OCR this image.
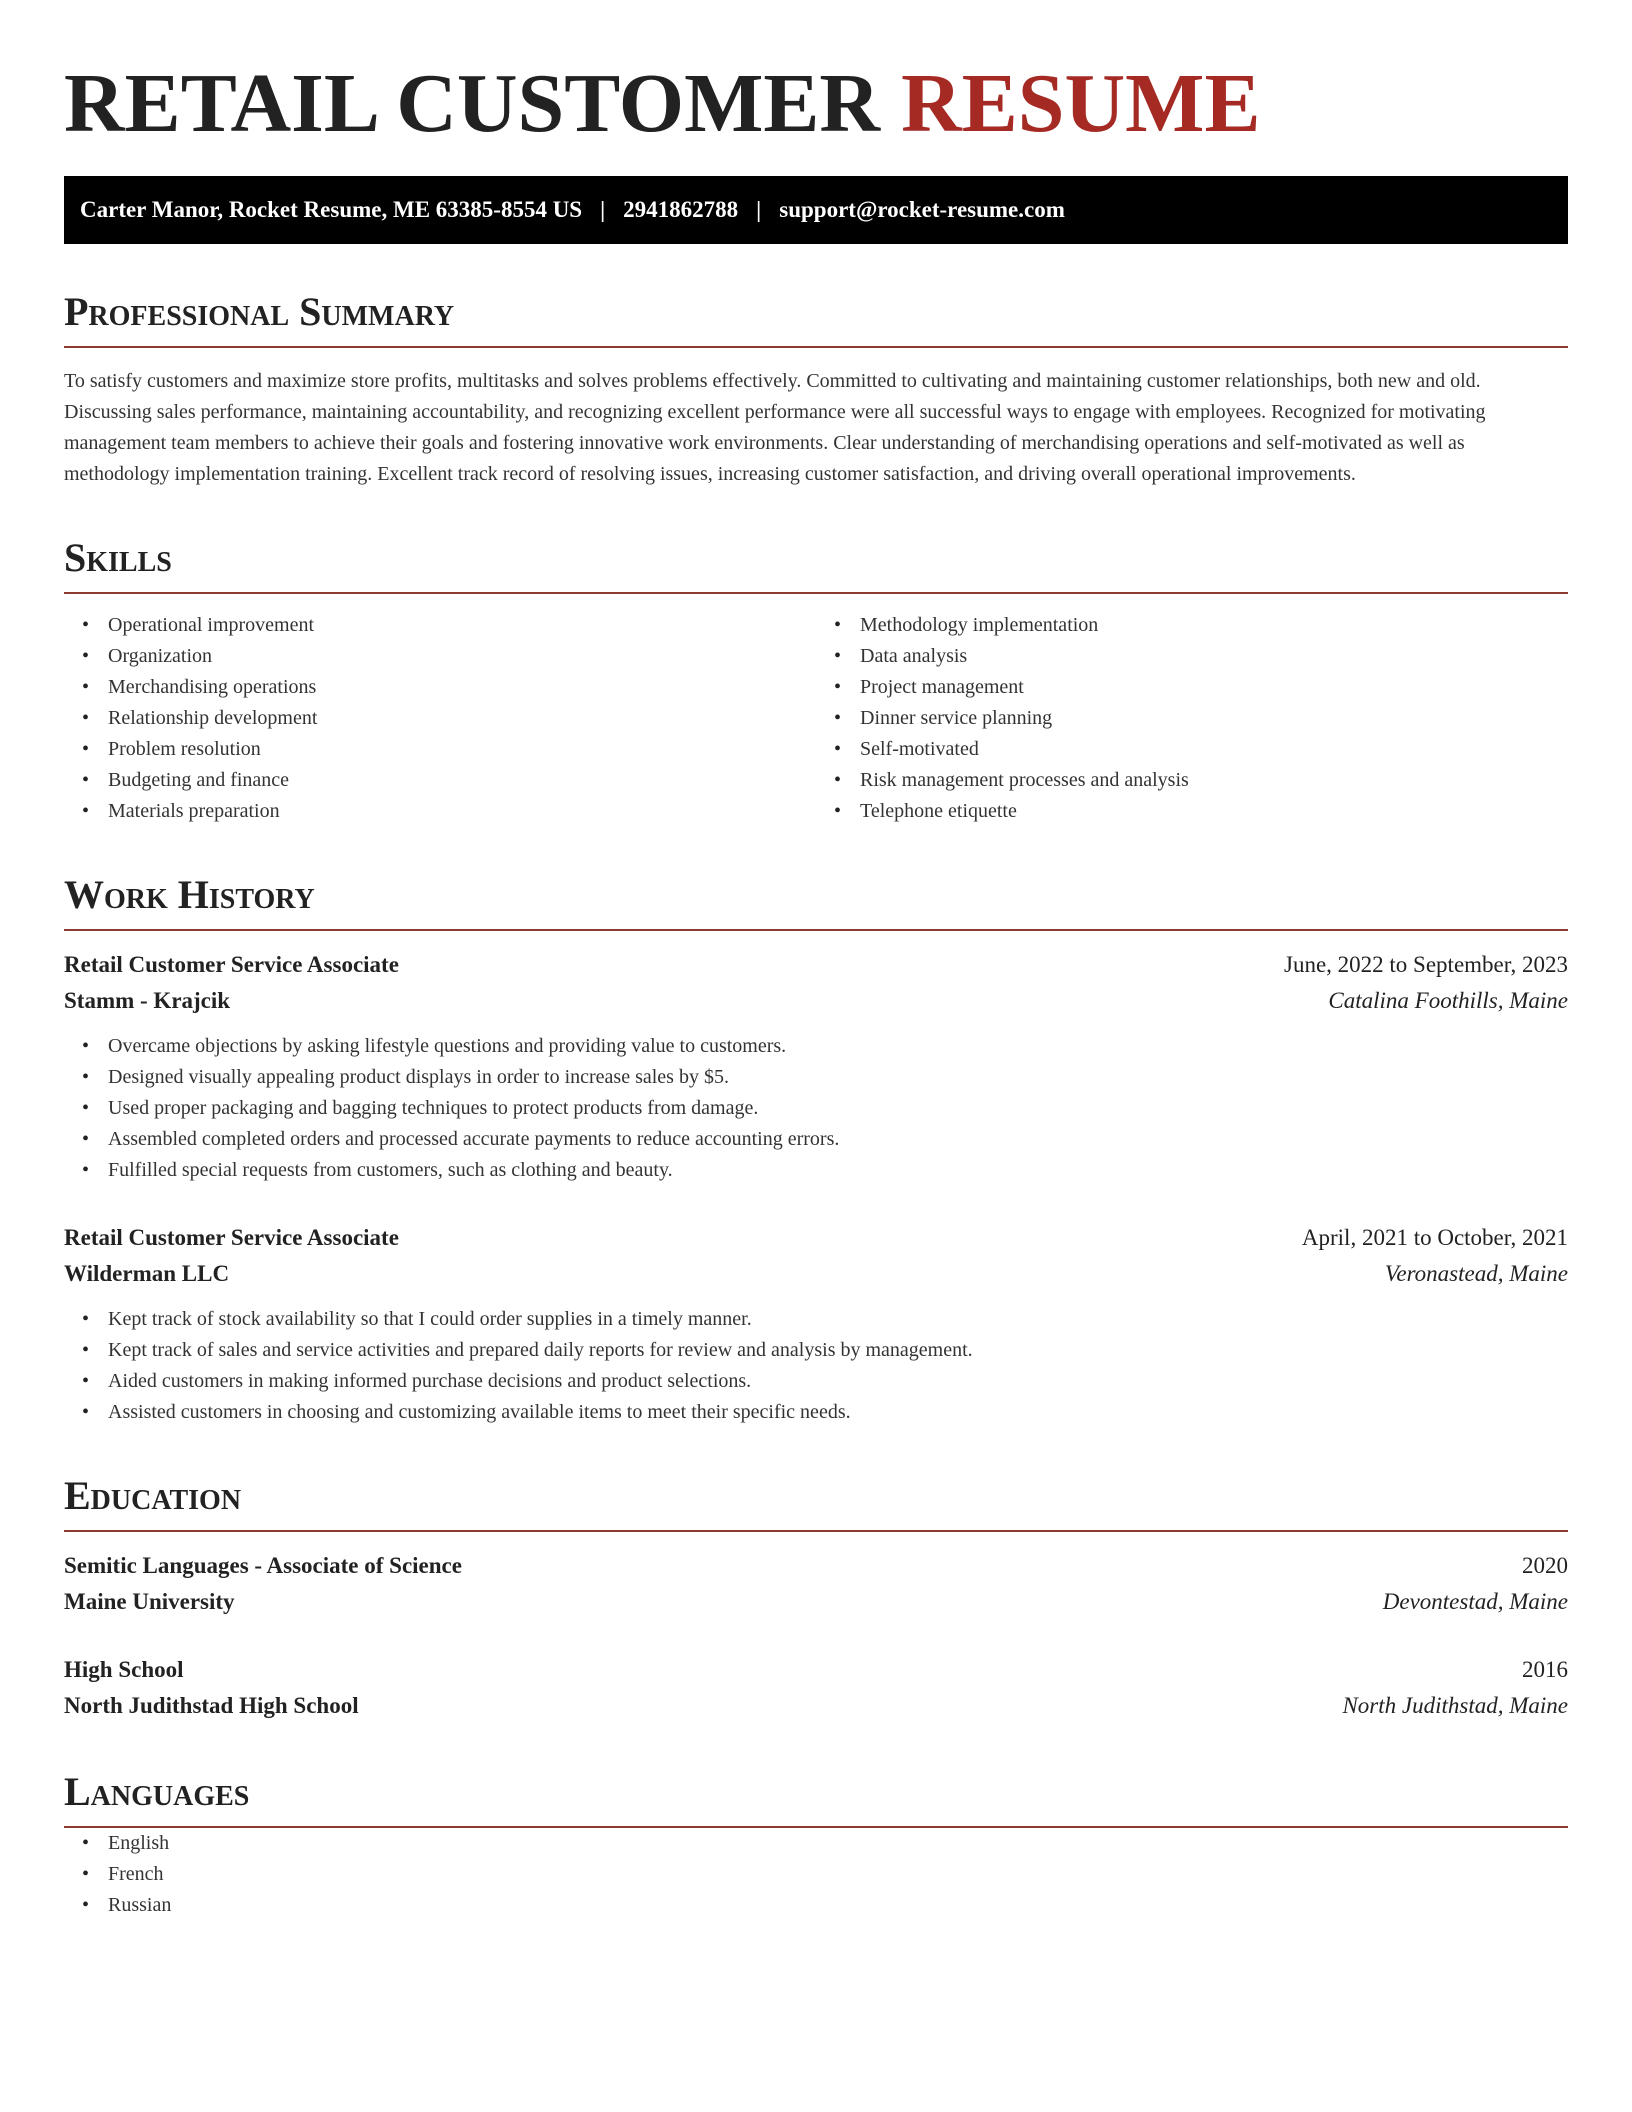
RETAIL CUSTOMER RESUME
Carter Manor, Rocket Resume, ME 63385-8554 US | 2941862788 | support@rocket-resume.com
Professional Summary

To satisfy customers and maximize store profits, multitasks and solves problems effectively. Committed to cultivating and maintaining customer relationships, both new and old. Discussing sales performance, maintaining accountability, and recognizing excellent performance were all successful ways to engage with employees. Recognized for motivating management team members to achieve their goals and fostering innovative work environments. Clear understanding of merchandising operations and self-motivated as well as methodology implementation training. Excellent track record of resolving issues, increasing customer satisfaction, and driving overall operational improvements.

Skills
• Operational improvement
• Organization
• Merchandising operations
• Relationship development
• Problem resolution
• Budgeting and finance
• Materials preparation
• Methodology implementation
• Data analysis
• Project management
• Dinner service planning
• Self-motivated
• Risk management processes and analysis
• Telephone etiquette
Work History
Retail Customer Service Associate	June, 2022 to September, 2023
Stamm - Krajcik	Catalina Foothills, Maine
• Overcame objections by asking lifestyle questions and providing value to customers.
• Designed visually appealing product displays in order to increase sales by $5.
• Used proper packaging and bagging techniques to protect products from damage.
• Assembled completed orders and processed accurate payments to reduce accounting errors.
• Fulfilled special requests from customers, such as clothing and beauty.
Retail Customer Service Associate	April, 2021 to October, 2021
Wilderman LLC	Veronastead, Maine
• Kept track of stock availability so that I could order supplies in a timely manner.
• Kept track of sales and service activities and prepared daily reports for review and analysis by management.
• Aided customers in making informed purchase decisions and product selections.
• Assisted customers in choosing and customizing available items to meet their specific needs.
Education
Semitic Languages - Associate of Science	2020
Maine University	Devontestad, Maine
High School	2016
North Judithstad High School	North Judithstad, Maine
Languages
• English
• French
• Russian
